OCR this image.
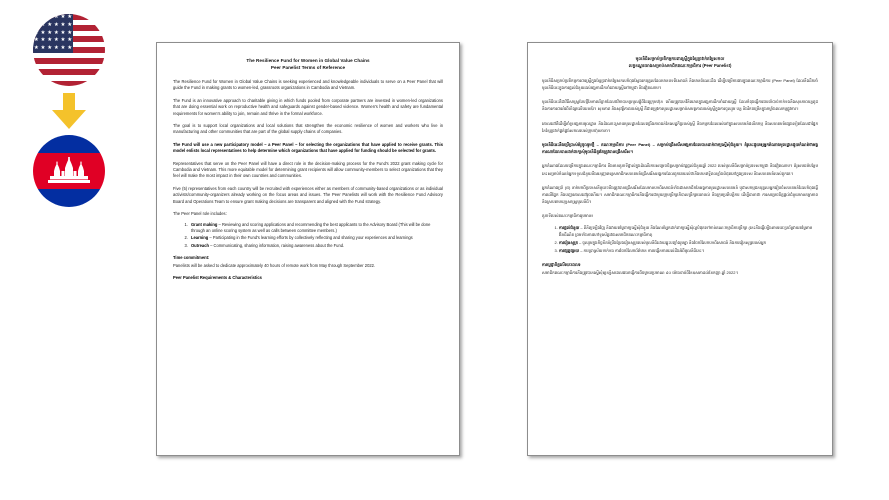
★ ★ ★ ★ ★ ★
★ ★ ★ ★ ★ ★
★ ★ ★ ★ ★ ★
★ ★ ★ ★ ★ ★
★ ★ ★ ★ ★ ★
The Resilience Fund for Women in Global Value Chains
Peer Panelist Terms of Reference

The Resilience Fund for Women in Global Value Chains is seeking experienced and knowledgeable individuals to serve on a Peer Panel that will guide the Fund in making grants to women-led, grassroots organizations in Cambodia and Vietnam.

The Fund is an innovative approach to charitable giving in which funds pooled from corporate partners are invested in women-led organizations that are doing essential work on reproductive health and safeguards against gender-based violence. Women's health and safety are fundamental requirements for women's ability to join, remain and thrive in the formal workforce.

The goal is to support local organizations and local solutions that strengthen the economic resilience of women and workers who live in manufacturing and other communities that are part of the global supply chains of companies.

The Fund will use a new participatory model – a Peer Panel – for selecting the organizations that have applied to receive grants. This model enlists local representatives to help determine which organizations that have applied for funding should be selected for grants.

Representatives that serve on the Peer Panel will have a direct role in the decision-making process for the Fund's 2022 grant making cycle for Cambodia and Vietnam. This more equitable model for determining grant recipients will allow community-members to select organizations that they feel will make the most impact in their own countries and communities.

Five (5) representatives from each country will be recruited with experiences either as members of community-based organizations or as individual activists/community-organizers already working on the focus areas and issues. The Peer Panelists will work with the Resilience Fund Advisory Board and Operations Team to ensure grant making decisions are transparent and aligned with the Fund strategy.

The Peer Panel role includes:

1. Grant making – Reviewing and scoring applications and recommending the best applicants to the Advisory Board (This will be done through an online scoring system as well as calls between committee members.)
2. Learning – Participating in the Fund's learning efforts by collectively reflecting and sharing your experiences and learnings
3. Outreach – Communicating, sharing information, raising awareness about the Fund.
Time commitment:

Panelists will be asked to dedicate approximately 40 hours of remote work from May through September 2022.

Peer Panelist Requirements & Characteristics
មូលនិធិសម្រាប់ប្រតិកម្មការពារស្ត្រីក្នុងខ្សែច្រវាក់តម្លៃសកល
លក្ខខណ្ឌយោងសម្រាប់សមាជិកគណៈកម្មាធិការ (Peer Panelist)

មូលនិធិសម្រាប់ប្រតិកម្មការពារស្ត្រីក្នុងខ្សែច្រវាក់តម្លៃសកលកំពុងស្វែងរកបុគ្គលដែលមានបទពិសោធន៍ និងមានចំណេះដឹង ដើម្បីបម្រើការងារក្នុងគណៈកម្មាធិការ (Peer Panel) ដែលនឹងដឹកនាំមូលនិធិនេះក្នុងការផ្តល់ជំនួយដល់អង្គការដឹកនាំដោយស្ត្រីនៅកម្ពុជា និងវៀតណាម។

មូលនិធិនេះគឺជាវិធីសាស្ត្របែបថ្មីនៃការបរិច្ចាកដែលថវិកាបានប្រមូលផ្តុំពីដៃគូក្រុមហ៊ុន ហើយត្រូវបានវិនិយោគក្នុងអង្គការដឹកនាំដោយស្ត្រី ដែលកំពុងធ្វើការងារចាំបាច់ទាក់ទងនឹងសុខភាពបន្តពូជ និងការការពារអំពើហិង្សាលើយេនឌ័រ។ សុខភាព និងសុវត្ថិភាពរបស់ស្ត្រី គឺជាតម្រូវការមូលដ្ឋានសម្រាប់សមត្ថភាពរបស់ស្ត្រីក្នុងការចូលរួម បន្ត និងរីកចម្រើនក្នុងកម្លាំងពលកម្មផ្លូវការ។

គោលដៅគឺដើម្បីគាំទ្រអង្គការមូលដ្ឋាន និងដំណោះស្រាយមូលដ្ឋានដែលពង្រឹងភាពធន់នៃសេដ្ឋកិច្ចរបស់ស្ត្រី និងកម្មករដែលរស់នៅក្នុងសហគមន៍ផលិតកម្ម និងសហគមន៍ផ្សេងទៀតដែលជាផ្នែកនៃខ្សែច្រវាក់ផ្គត់ផ្គង់សកលរបស់ក្រុមហ៊ុននានា។

មូលនិធិនេះនឹងប្រើប្រាស់គំរូចូលរួមថ្មី – គណៈកម្មាធិការ (Peer Panel) – សម្រាប់ជ្រើសរើសអង្គការដែលបានដាក់ពាក្យស្នើសុំជំនួយ។ គំរូនេះជួយឲ្យអ្នកតំណាងមូលដ្ឋានជួយកំណត់ថាអង្គការណាដែលបានដាក់ពាក្យសុំមូលនិធិគួរតែត្រូវបានជ្រើសរើស។

អ្នកតំណាងដែលបម្រើការក្នុងគណៈកម្មាធិការ នឹងមានតួនាទីផ្ទាល់ក្នុងដំណើរការសម្រេចចិត្តសម្រាប់វដ្តផ្តល់ជំនួយឆ្នាំ 2022 របស់មូលនិធិសម្រាប់ប្រទេសកម្ពុជា និងវៀតណាម។ គំរូសមធម៌បន្ថែមនេះសម្រាប់កំណត់អ្នកទទួលជំនួយនឹងអនុញ្ញាតឲ្យសមាជិកសហគមន៍ជ្រើសរើសអង្គការដែលពួកគេយល់ថានឹងមានឥទ្ធិពលខ្លាំងបំផុតនៅក្នុងប្រទេស និងសហគមន៍របស់ពួកគេ។

អ្នកតំណាងប្រាំ (៥) នាក់មកពីប្រទេសនីមួយៗនឹងត្រូវបានជ្រើសរើសដែលមានបទពិសោធន៍ទាំងជាសមាជិកនៃអង្គការមូលដ្ឋានសហគមន៍ ឬជាសកម្មជនបុគ្គល/អ្នករៀបចំសហគមន៍ដែលកំពុងធ្វើការលើផ្នែក និងបញ្ហាគោលដៅរួចហើយ។ សមាជិកគណៈកម្មាធិការនឹងធ្វើការជាមួយក្រុមប្រឹក្សាភិបាលប្រឹក្សាយោបល់ និងក្រុមប្រតិបត្តិការ ដើម្បីធានាថា ការសម្រេចចិត្តផ្តល់ជំនួយមានតម្លាភាព និងស្របតាមយុទ្ធសាស្ត្រមូលនិធិ។

តួនាទីរបស់គណៈកម្មាធិការរួមមាន៖

1. ការផ្តល់ជំនួយ – ពិនិត្យឡើងវិញ និងវាយតម្លៃពាក្យស្នើសុំជំនួយ និងណែនាំអ្នកដាក់ពាក្យស្នើសុំល្អបំផុតទៅកាន់គណៈកម្មាធិការប្រឹក្សា (នេះនឹងធ្វើឡើងតាមរយៈប្រព័ន្ធវាយតម្លៃតាមអ៊ីនធឺណិត ព្រមទាំងការហៅទូរស័ព្ទរវាងសមាជិកគណៈកម្មាធិការ)
2. ការរៀនសូត្រ – ចូលរួមក្នុងកិច្ចខិតខំប្រឹងប្រែងរៀនសូត្ររបស់មូលនិធិដោយឆ្លុះបញ្ចាំងរួមគ្នា និងចែករំលែកបទពិសោធន៍ និងការរៀនសូត្ររបស់អ្នក
3. ការផ្សព្វផ្សាយ – ការប្រាស្រ័យទាក់ទង ការចែករំលែកព័ត៌មាន ការបង្កើនការយល់ដឹងអំពីមូលនិធិនេះ។
ការប្តេជ្ញាចិត្តលើរយៈពេល៖

សមាជិកគណៈកម្មាធិការនឹងត្រូវបានស្នើសុំឲ្យឧទ្ទិសពេលវេលាធ្វើការពីចម្ងាយប្រមាណ ៤០ ម៉ោងចាប់ពីខែឧសភាដល់ខែកញ្ញា ឆ្នាំ 2022។
